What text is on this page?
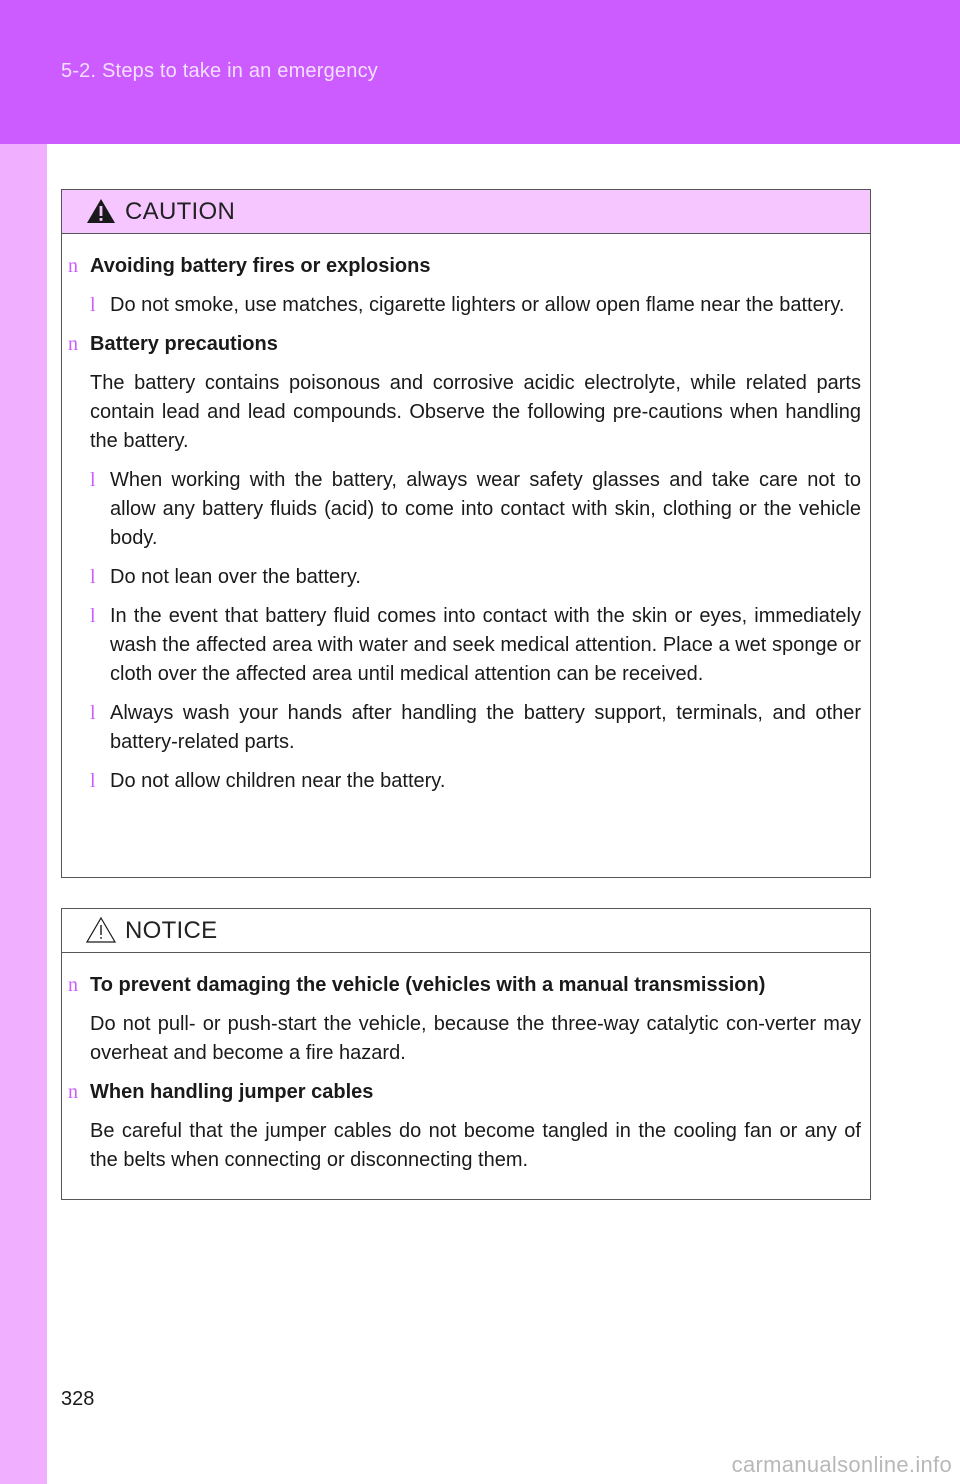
5-2. Steps to take in an emergency
CAUTION
n Avoiding battery fires or explosions
l Do not smoke, use matches, cigarette lighters or allow open flame near the battery.
n Battery precautions
The battery contains poisonous and corrosive acidic electrolyte, while related parts contain lead and lead compounds. Observe the following pre-cautions when handling the battery.
l When working with the battery, always wear safety glasses and take care not to allow any battery fluids (acid) to come into contact with skin, clothing or the vehicle body.
l Do not lean over the battery.
l In the event that battery fluid comes into contact with the skin or eyes, immediately wash the affected area with water and seek medical attention. Place a wet sponge or cloth over the affected area until medical attention can be received.
l Always wash your hands after handling the battery support, terminals, and other battery-related parts.
l Do not allow children near the battery.
NOTICE
n To prevent damaging the vehicle (vehicles with a manual transmission)
Do not pull- or push-start the vehicle, because the three-way catalytic con-verter may overheat and become a fire hazard.
n When handling jumper cables
Be careful that the jumper cables do not become tangled in the cooling fan or any of the belts when connecting or disconnecting them.
328
carmanualsonline.info
